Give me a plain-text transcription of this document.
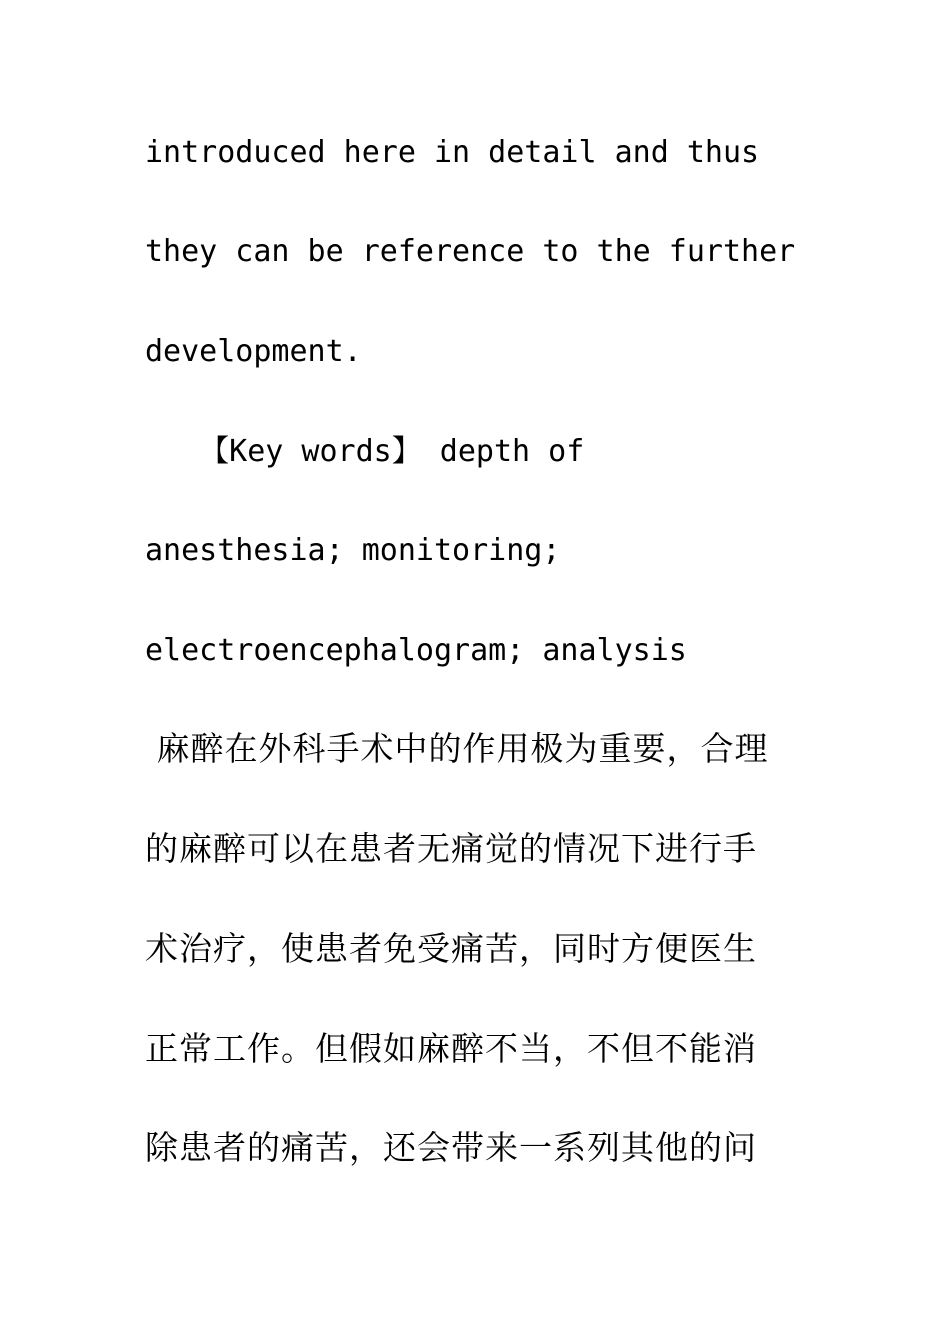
introduced here in detail and thus
they can be reference to the further
development.
【Key words】 depth of
anesthesia; monitoring;
electroencephalogram; analysis
麻醉在外科手术中的作用极为重要，合理
的麻醉可以在患者无痛觉的情况下进行手
术治疗，使患者免受痛苦，同时方便医生
正常工作。但假如麻醉不当，不但不能消
除患者的痛苦，还会带来一系列其他的问
